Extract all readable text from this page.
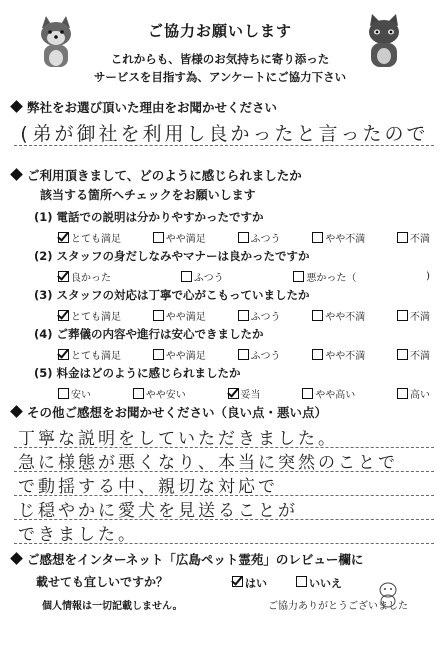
ご協力お願いします
これからも、皆様のお気持ちに寄り添った
サービスを目指す為、アンケートにご協力下さい
弊社をお選び頂いた理由をお聞かせください
(弟が御社を利用し良かったと言ったので
ご利用頂きまして、どのように感じられましたか
該当する箇所へチェックをお願いします
(1) 電話での説明は分かりやすかったですか
とても満足	やや満足	ふつう	やや不満	不満
(2) スタッフの身だしなみやマナーは良かったですか
良かった	ふつう	悪かった（	)
(3) スタッフの対応は丁寧で心がこもっていましたか
とても満足	やや満足	ふつう	やや不満	不満
(4) ご葬儀の内容や進行は安心できましたか
とても満足	やや満足	ふつう	やや不満	不満
(5) 料金はどのように感じられましたか
安い	やや安い	妥当	やや高い	高い
その他ご感想をお聞かせください（良い点・悪い点）
丁寧な説明をしていただきました。
急に様態が悪くなり、本当に突然のことで
で動揺する中、親切な対応で
じ穏やかに愛犬を見送ることが
できました。
ご感想をインターネット「広島ペット霊苑」のレビュー欄に
載せても宜しいですか？	はい	いいえ
個人情報は一切記載しません。	ご協力ありがとうございました
